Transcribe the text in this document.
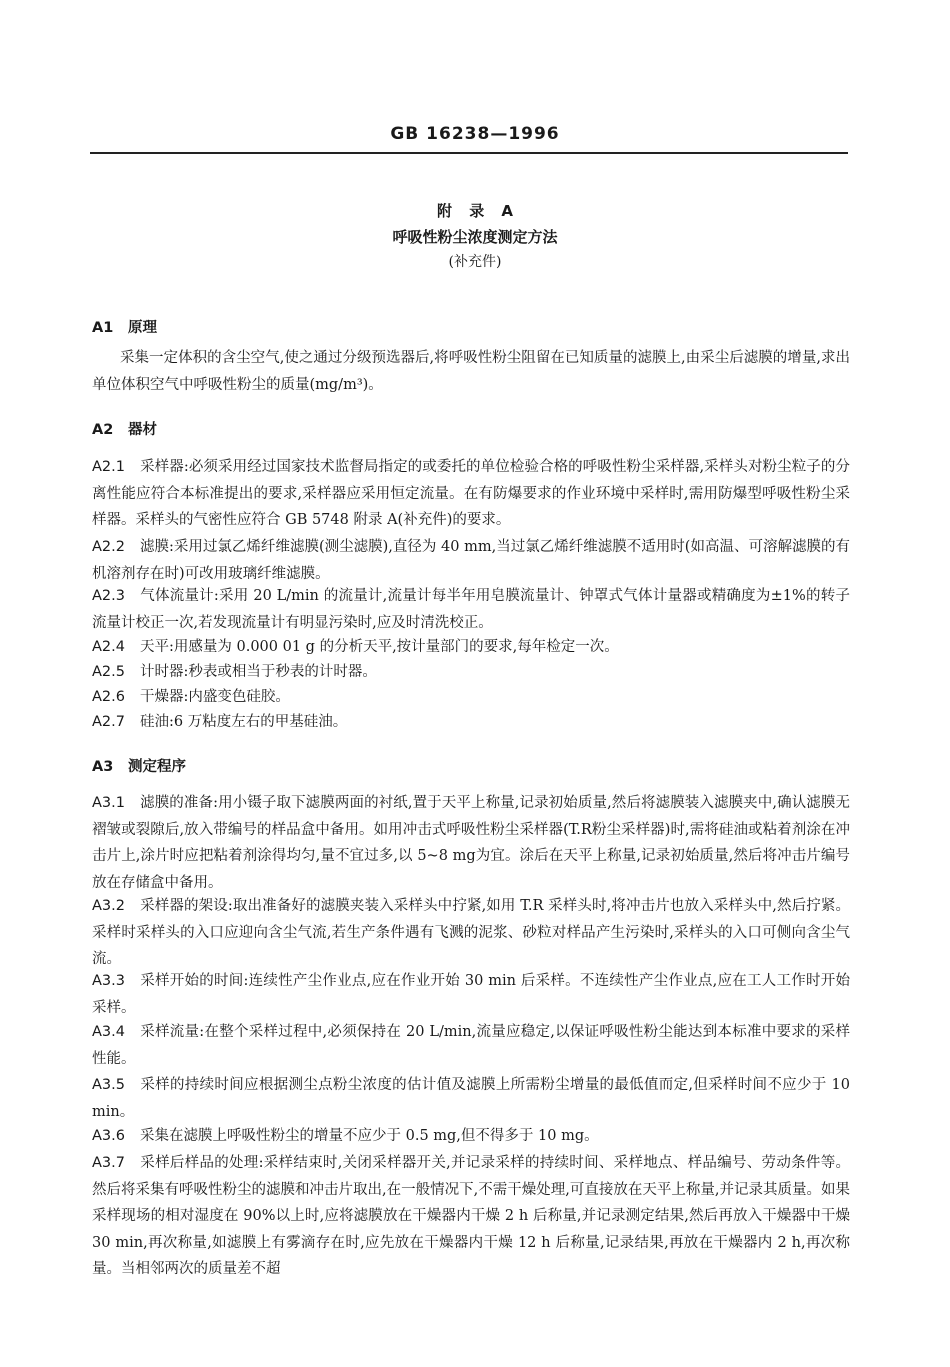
GB 16238—1996
附 录 A
呼吸性粉尘浓度测定方法
(补充件)
A1 原理
采集一定体积的含尘空气,使之通过分级预选器后,将呼吸性粉尘阻留在已知质量的滤膜上,由采尘后滤膜的增量,求出单位体积空气中呼吸性粉尘的质量(mg/m³)。
A2 器材
A2.1 采样器:必须采用经过国家技术监督局指定的或委托的单位检验合格的呼吸性粉尘采样器,采样头对粉尘粒子的分离性能应符合本标准提出的要求,采样器应采用恒定流量。在有防爆要求的作业环境中采样时,需用防爆型呼吸性粉尘采样器。采样头的气密性应符合 GB 5748 附录 A(补充件)的要求。
A2.2 滤膜:采用过氯乙烯纤维滤膜(测尘滤膜),直径为 40 mm,当过氯乙烯纤维滤膜不适用时(如高温、可溶解滤膜的有机溶剂存在时)可改用玻璃纤维滤膜。
A2.3 气体流量计:采用 20 L/min 的流量计,流量计每半年用皂膜流量计、钟罩式气体计量器或精确度为±1%的转子流量计校正一次,若发现流量计有明显污染时,应及时清洗校正。
A2.4 天平:用感量为 0.000 01 g 的分析天平,按计量部门的要求,每年检定一次。
A2.5 计时器:秒表或相当于秒表的计时器。
A2.6 干燥器:内盛变色硅胶。
A2.7 硅油:6 万粘度左右的甲基硅油。
A3 测定程序
A3.1 滤膜的准备:用小镊子取下滤膜两面的衬纸,置于天平上称量,记录初始质量,然后将滤膜装入滤膜夹中,确认滤膜无褶皱或裂隙后,放入带编号的样品盒中备用。如用冲击式呼吸性粉尘采样器(T.R粉尘采样器)时,需将硅油或粘着剂涂在冲击片上,涂片时应把粘着剂涂得均匀,量不宜过多,以 5~8 mg为宜。涂后在天平上称量,记录初始质量,然后将冲击片编号放在存储盒中备用。
A3.2 采样器的架设:取出准备好的滤膜夹装入采样头中拧紧,如用 T.R 采样头时,将冲击片也放入采样头中,然后拧紧。采样时采样头的入口应迎向含尘气流,若生产条件遇有飞溅的泥浆、砂粒对样品产生污染时,采样头的入口可侧向含尘气流。
A3.3 采样开始的时间:连续性产尘作业点,应在作业开始 30 min 后采样。不连续性产尘作业点,应在工人工作时开始采样。
A3.4 采样流量:在整个采样过程中,必须保持在 20 L/min,流量应稳定,以保证呼吸性粉尘能达到本标准中要求的采样性能。
A3.5 采样的持续时间应根据测尘点粉尘浓度的估计值及滤膜上所需粉尘增量的最低值而定,但采样时间不应少于 10 min。
A3.6 采集在滤膜上呼吸性粉尘的增量不应少于 0.5 mg,但不得多于 10 mg。
A3.7 采样后样品的处理:采样结束时,关闭采样器开关,并记录采样的持续时间、采样地点、样品编号、劳动条件等。然后将采集有呼吸性粉尘的滤膜和冲击片取出,在一般情况下,不需干燥处理,可直接放在天平上称量,并记录其质量。如果采样现场的相对湿度在 90%以上时,应将滤膜放在干燥器内干燥 2 h 后称量,并记录测定结果,然后再放入干燥器中干燥 30 min,再次称量,如滤膜上有雾滴存在时,应先放在干燥器内干燥 12 h 后称量,记录结果,再放在干燥器内 2 h,再次称量。当相邻两次的质量差不超
